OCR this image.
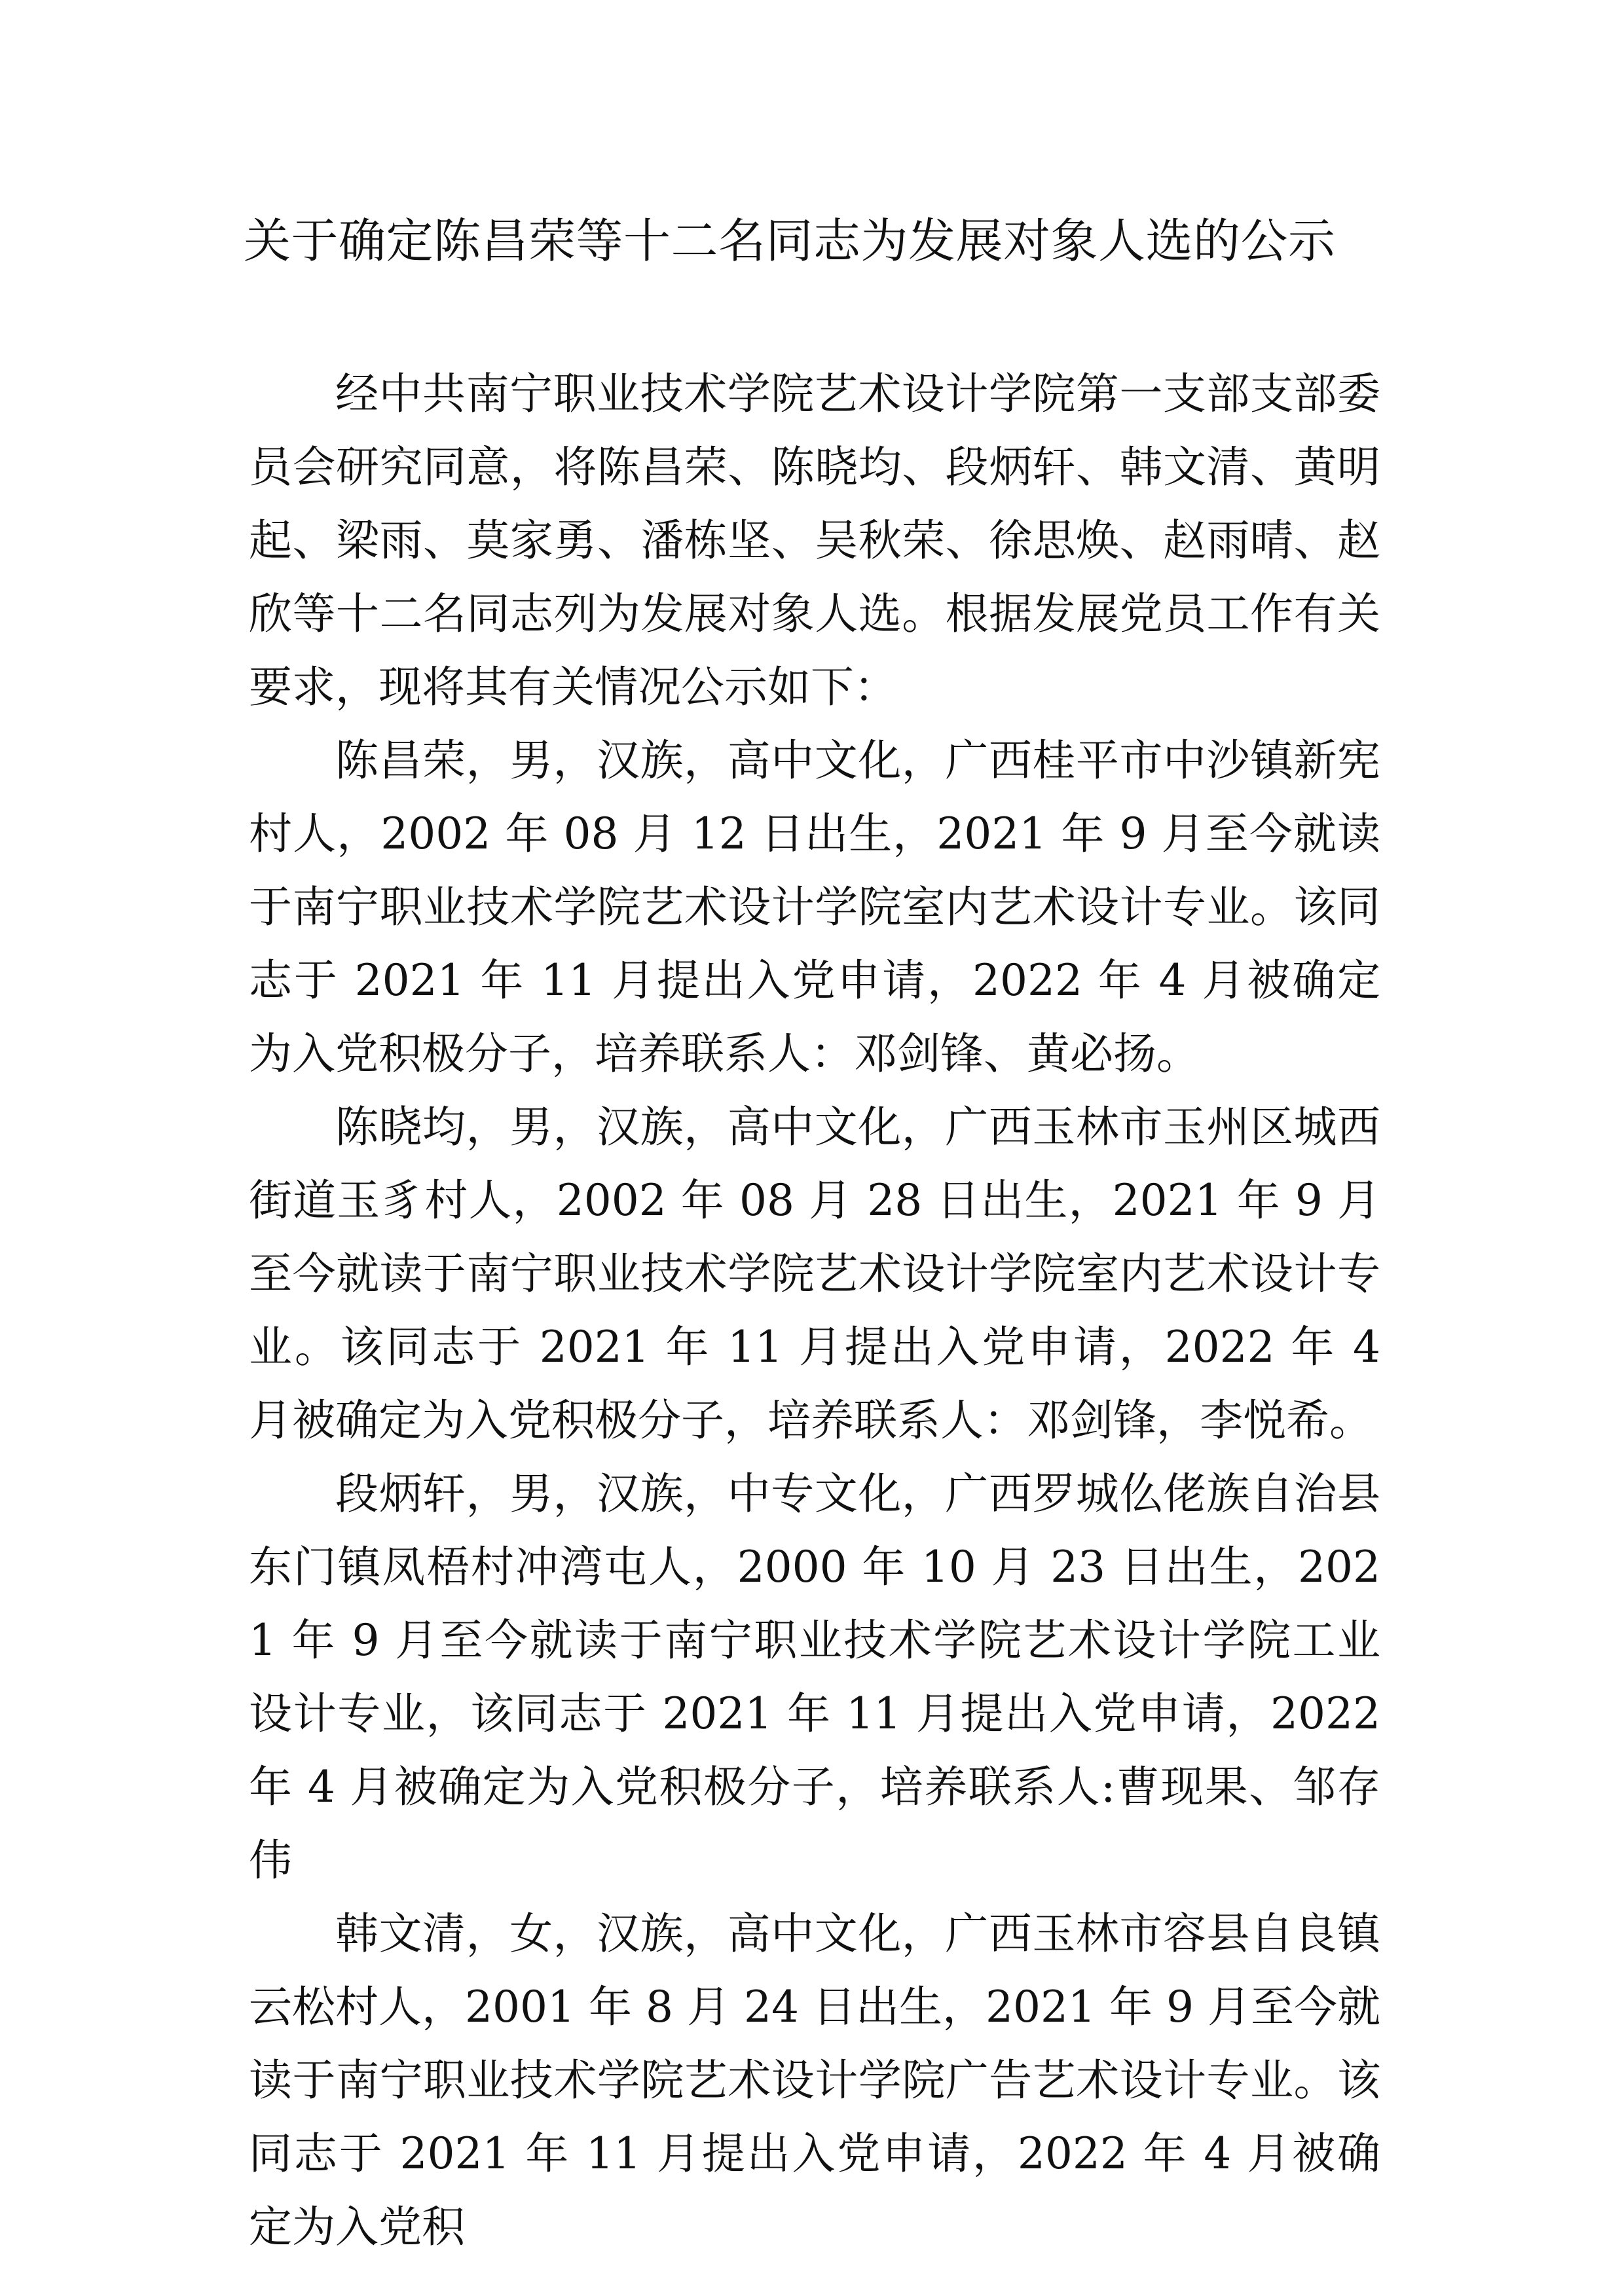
关于确定陈昌荣等十二名同志为发展对象人选的公示

经中共南宁职业技术学院艺术设计学院第一支部支部委员会研究同意，将陈昌荣、陈晓均、段炳轩、韩文清、黄明起、梁雨、莫家勇、潘栋坚、吴秋荣、徐思焕、赵雨晴、赵欣等十二名同志列为发展对象人选。根据发展党员工作有关要求，现将其有关情况公示如下：

陈昌荣，男，汉族，高中文化，广西桂平市中沙镇新宪村人，2002 年 08 月 12 日出生，2021 年 9 月至今就读于南宁职业技术学院艺术设计学院室内艺术设计专业。该同志于 2021 年 11 月提出入党申请，2022 年 4 月被确定为入党积极分子，培养联系人：邓剑锋、黄必扬。

陈晓均，男，汉族，高中文化，广西玉林市玉州区城西街道玉豸村人，2002 年 08 月 28 日出生，2021 年 9 月至今就读于南宁职业技术学院艺术设计学院室内艺术设计专业。该同志于 2021 年 11 月提出入党申请，2022 年 4 月被确定为入党积极分子，培养联系人：邓剑锋，李悦希。

段炳轩，男，汉族，中专文化，广西罗城仫佬族自治县东门镇凤梧村冲湾屯人，2000 年 10 月 23 日出生，2021 年 9 月至今就读于南宁职业技术学院艺术设计学院工业设计专业，该同志于 2021 年 11 月提出入党申请，2022 年 4 月被确定为入党积极分子，培养联系人:曹现果、邹存伟

韩文清，女，汉族，高中文化，广西玉林市容县自良镇云松村人，2001 年 8 月 24 日出生，2021 年 9 月至今就读于南宁职业技术学院艺术设计学院广告艺术设计专业。该同志于 2021 年 11 月提出入党申请，2022 年 4 月被确定为入党积
